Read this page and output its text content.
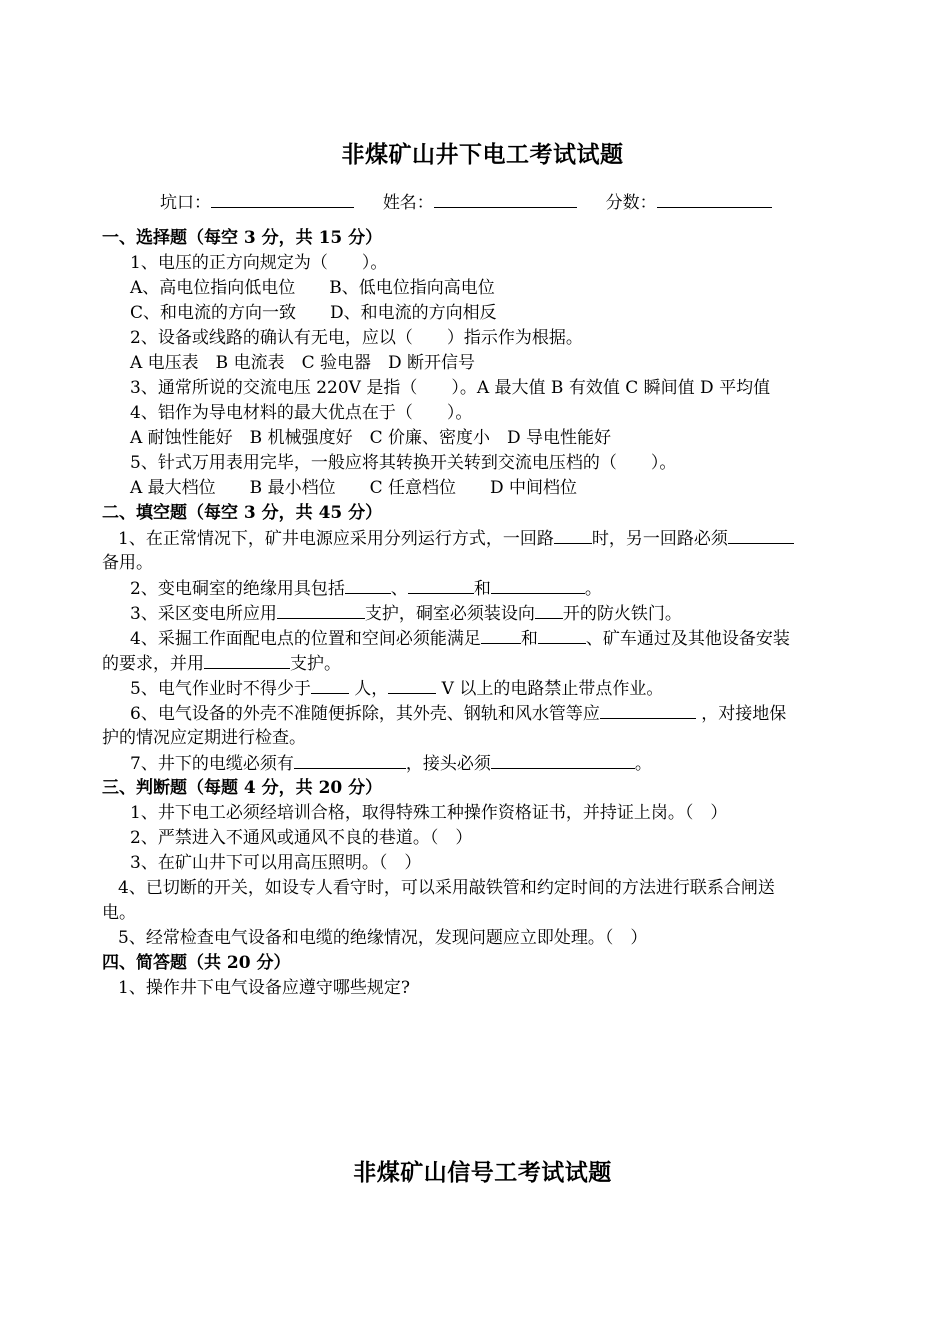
非煤矿山井下电工考试试题
坑口：	姓名：	分数：
一、选择题（每空 3 分，共 15 分）
1、电压的正方向规定为（　　）。
A、高电位指向低电位　　B、低电位指向高电位
C、和电流的方向一致　　D、和电流的方向相反
2、设备或线路的确认有无电，应以（　　）指示作为根据。
A 电压表　B 电流表　C 验电器　D 断开信号
3、通常所说的交流电压 220V 是指（　　）。A 最大值 B 有效值 C 瞬间值 D 平均值
4、铝作为导电材料的最大优点在于（　　）。
A 耐蚀性能好　B 机械强度好　C 价廉、密度小　D 导电性能好
5、针式万用表用完毕，一般应将其转换开关转到交流电压档的（　　）。
A 最大档位　　B 最小档位　　C 任意档位　　D 中间档位
二、填空题（每空 3 分，共 45 分）
1、在正常情况下，矿井电源应采用分列运行方式，一回路 时，另一回路必须
备用。
2、变电硐室的绝缘用具包括	、	和	。
3、采区变电所应用	支护，硐室必须装设向 开的防火铁门。
4、采掘工作面配电点的位置和空间必须能满足 和	、矿车通过及其他设备安装
的要求，并用	支护。
5、电气作业时不得少于 人，	V 以上的电路禁止带点作业。
6、电气设备的外壳不准随便拆除，其外壳、钢轨和风水管等应	，对接地保
护的情况应定期进行检查。
7、井下的电缆必须有	，接头必须	。
三、判断题（每题 4 分，共 20 分）
1、井下电工必须经培训合格，取得特殊工种操作资格证书，并持证上岗。（　）
2、严禁进入不通风或通风不良的巷道。（　）
3、在矿山井下可以用高压照明。（　）
4、已切断的开关，如设专人看守时，可以采用敲铁管和约定时间的方法进行联系合闸送
电。
5、经常检查电气设备和电缆的绝缘情况，发现问题应立即处理。（　）
四、简答题（共 20 分）
1、操作井下电气设备应遵守哪些规定?
非煤矿山信号工考试试题
